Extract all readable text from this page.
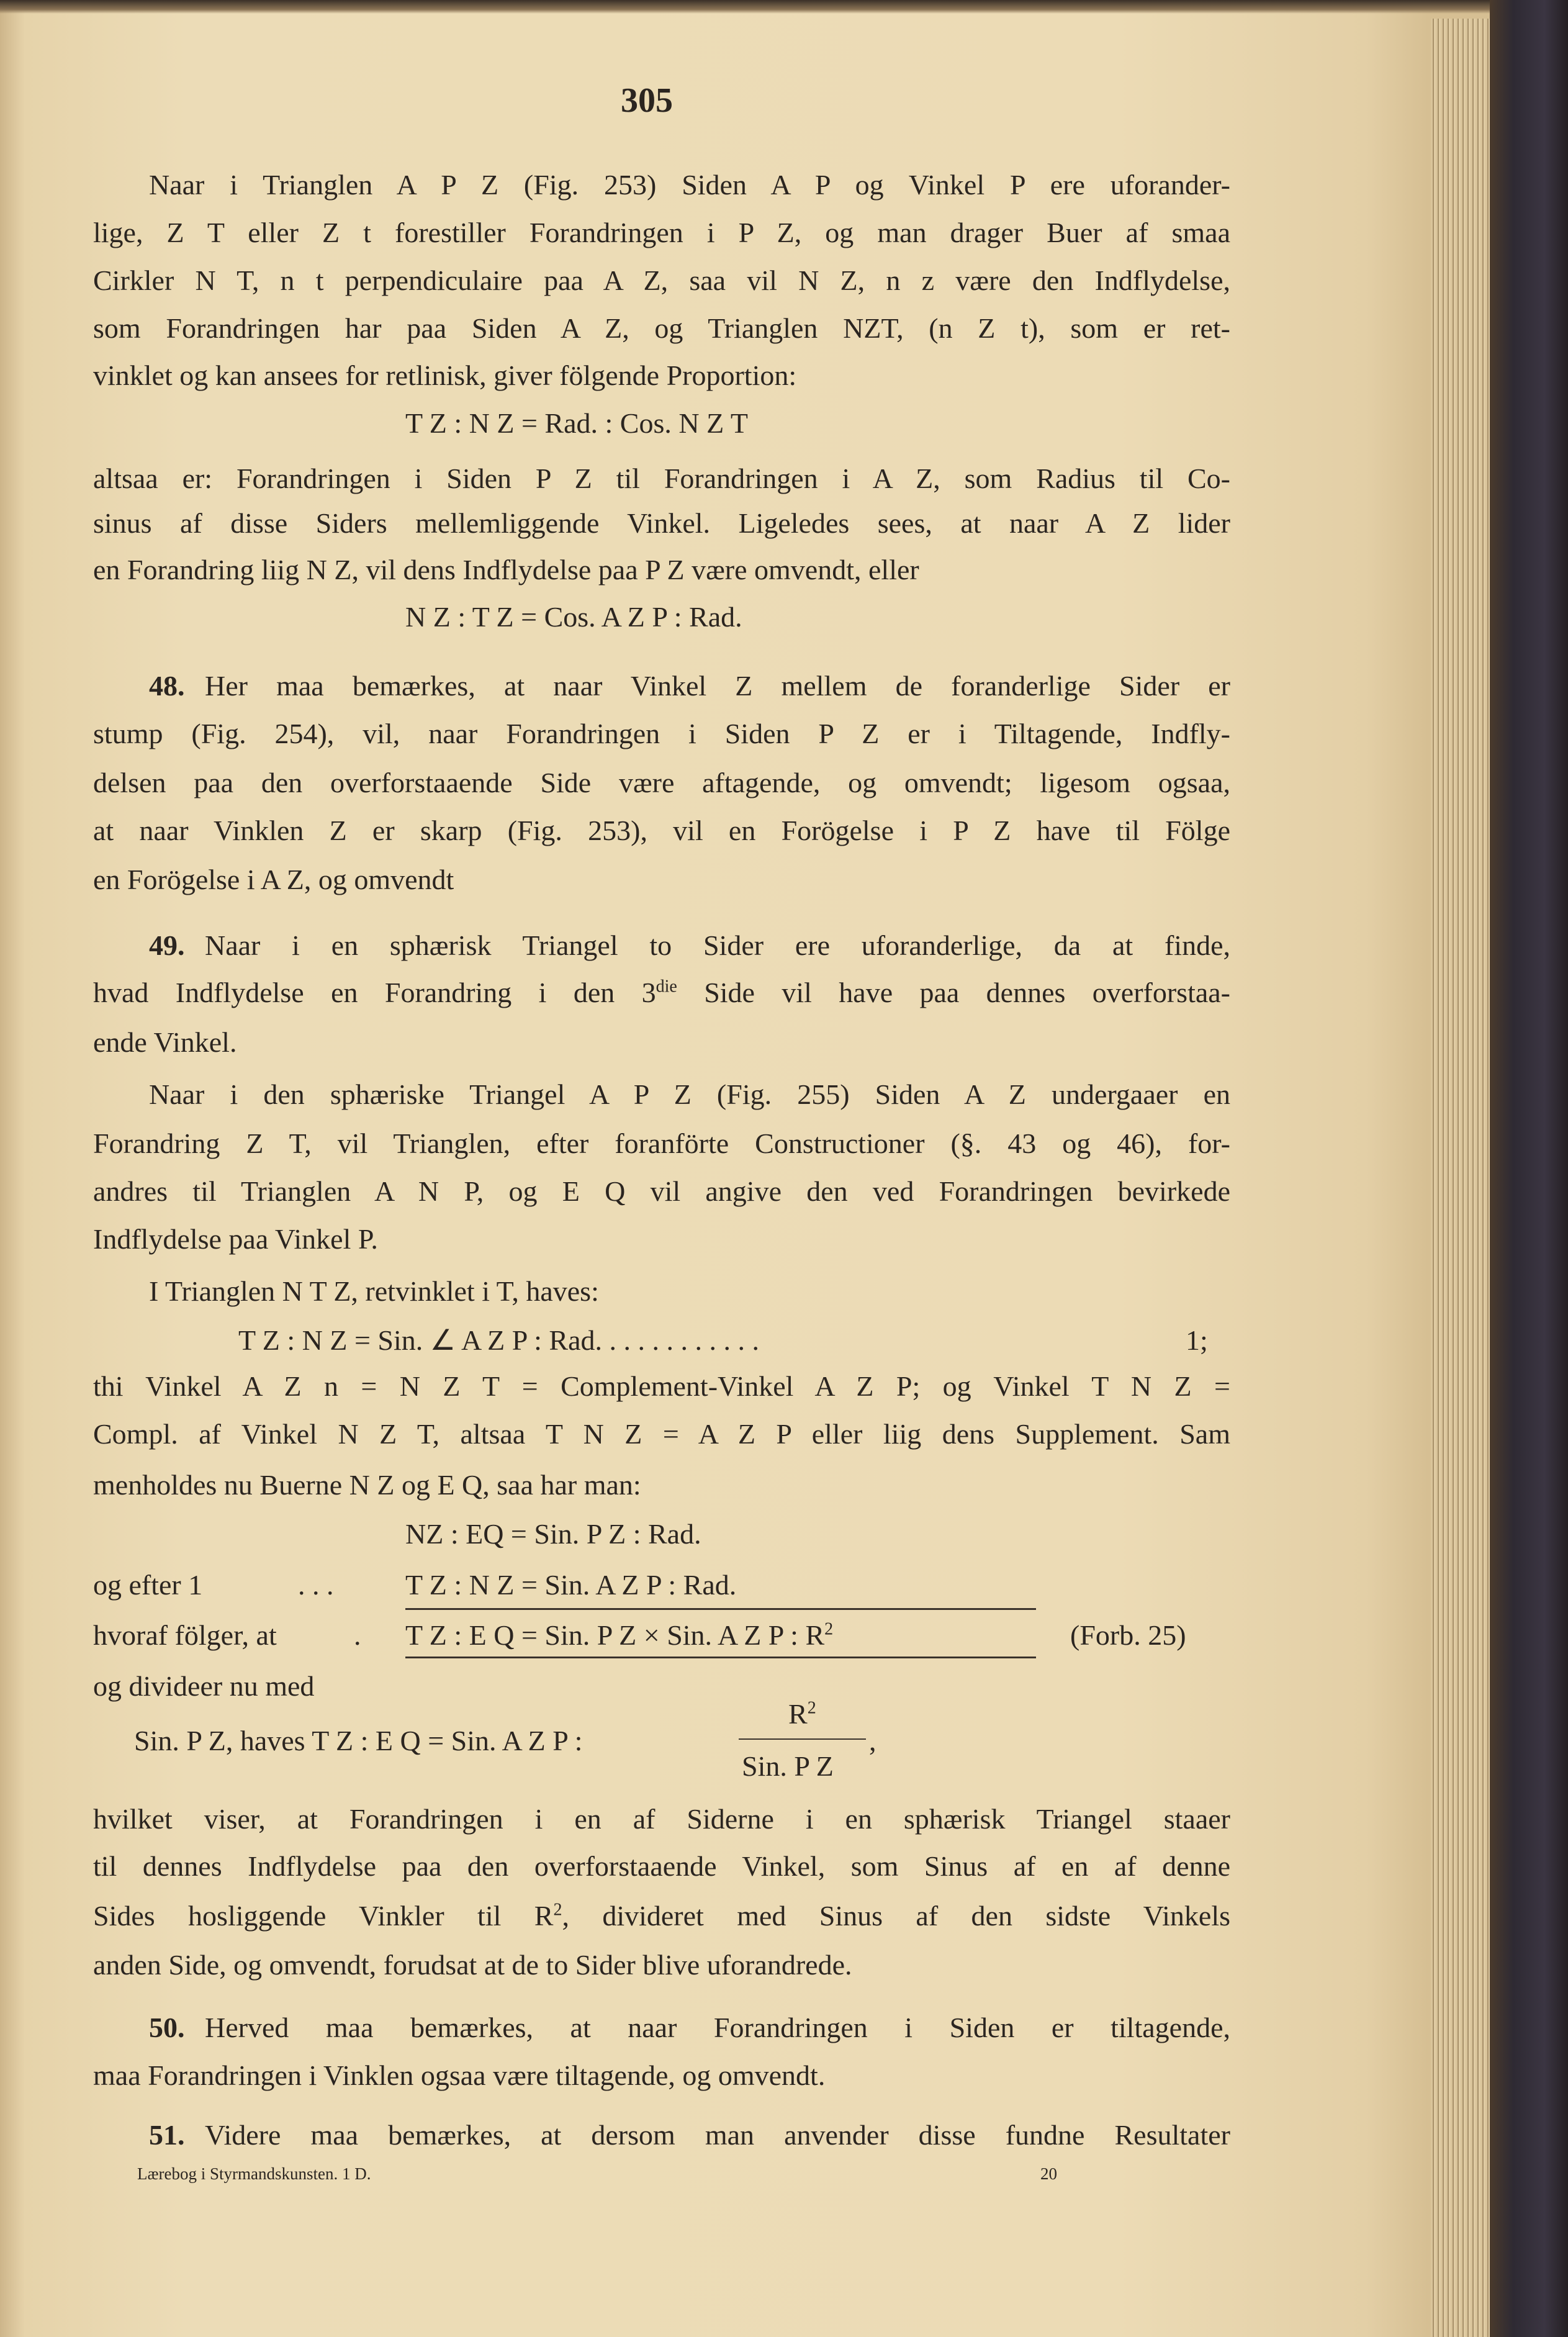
305
Naar i Trianglen A P Z (Fig. 253) Siden A P og Vinkel P ere uforander-
lige, Z T eller Z t forestiller Forandringen i P Z, og man drager Buer af smaa
Cirkler N T, n t perpendiculaire paa A Z, saa vil N Z, n z være den Indflydelse,
som Forandringen har paa Siden A Z, og Trianglen NZT, (n Z t), som er ret-
vinklet og kan ansees for retlinisk, giver fölgende Proportion:
T Z : N Z = Rad. : Cos. N Z T
altsaa er: Forandringen i Siden P Z til Forandringen i A Z, som Radius til Co-
sinus af disse Siders mellemliggende Vinkel. Ligeledes sees, at naar A Z lider
en Forandring liig N Z, vil dens Indflydelse paa P Z være omvendt, eller
N Z : T Z = Cos. A Z P : Rad.
48. Her maa bemærkes, at naar Vinkel Z mellem de foranderlige Sider er
stump (Fig. 254), vil, naar Forandringen i Siden P Z er i Tiltagende, Indfly-
delsen paa den overforstaaende Side være aftagende, og omvendt; ligesom ogsaa,
at naar Vinklen Z er skarp (Fig. 253), vil en Forögelse i P Z have til Fölge
en Forögelse i A Z, og omvendt
49. Naar i en sphærisk Triangel to Sider ere uforanderlige, da at finde,
hvad Indflydelse en Forandring i den $3^{die}$ Side vil have paa dennes overforstaa-
ende Vinkel.
Naar i den sphæriske Triangel A P Z (Fig. 255) Siden A Z undergaaer en
Forandring Z T, vil Trianglen, efter foranförte Constructioner (§. 43 og 46), for-
andres til Trianglen A N P, og E Q vil angive den ved Forandringen bevirkede
Indflydelse paa Vinkel P.
I Trianglen N T Z, retvinklet i T, haves:
T Z : N Z = Sin. ∠ A Z P : Rad. . . . . . . . . . . .	1;
thi Vinkel A Z n = N Z T = Complement-Vinkel A Z P; og Vinkel T N Z =
Compl. af Vinkel N Z T, altsaa T N Z = A Z P eller liig dens Supplement. Sam
menholdes nu Buerne N Z og E Q, saa har man:
NZ : EQ = Sin. P Z : Rad.
og efter 1	. . .	T Z : N Z = Sin. A Z P : Rad.
hvoraf fölger, at	. T Z : E Q = Sin. P Z × Sin. A Z P : $R^2$	(Forb. 25)
og divideer nu med
$R^2$
Sin. P Z, haves T Z : E Q = Sin. A Z P :
Sin. P Z
,
hvilket viser, at Forandringen i en af Siderne i en sphærisk Triangel staaer
til dennes Indflydelse paa den overforstaaende Vinkel, som Sinus af en af denne
Sides hosliggende Vinkler til $R^2$, divideret med Sinus af den sidste Vinkels
anden Side, og omvendt, forudsat at de to Sider blive uforandrede.
50. Herved maa bemærkes, at naar Forandringen i Siden er tiltagende,
maa Forandringen i Vinklen ogsaa være tiltagende, og omvendt.
51. Videre maa bemærkes, at dersom man anvender disse fundne Resultater
Lærebog i Styrmandskunsten. 1 D.	20
